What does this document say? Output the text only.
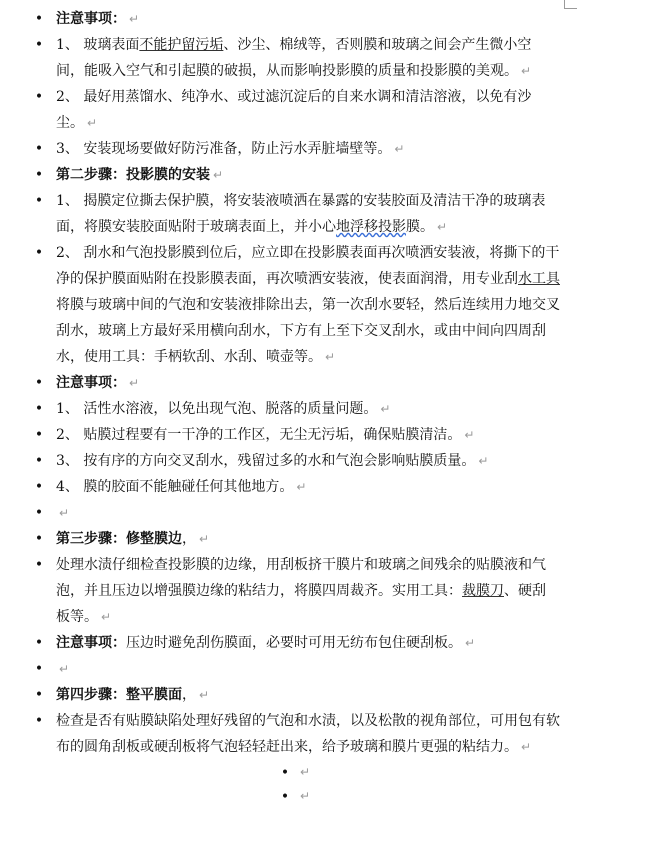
• 注意事项： ↵
• 1、 玻璃表面不能护留污垢、沙尘、棉绒等，否则膜和玻璃之间会产生微小空间，能吸入空气和引起膜的破损，从而影响投影膜的质量和投影膜的美观。 ↵
• 2、 最好用蒸馏水、纯净水、或过滤沉淀后的自来水调和清洁溶液，以免有沙尘。 ↵
• 3、 安装现场要做好防污准备，防止污水弄脏墙壁等。 ↵
• 第二步骤：投影膜的安装 ↵
• 1、 揭膜定位撕去保护膜，将安装液喷洒在暴露的安装胶面及清洁干净的玻璃表面，将膜安装胶面贴附于玻璃表面上，并小心地浮移投影膜。 ↵
• 2、 刮水和气泡投影膜到位后，应立即在投影膜表面再次喷洒安装液，将撕下的干净的保护膜面贴附在投影膜表面，再次喷洒安装液，使表面润滑，用专业刮水工具将膜与玻璃中间的气泡和安装液排除出去，第一次刮水要轻，然后连续用力地交叉刮水，玻璃上方最好采用横向刮水，下方有上至下交叉刮水，或由中间向四周刮水，使用工具：手柄软刮、水刮、喷壶等。 ↵
• 注意事项： ↵
• 1、 活性水溶液，以免出现气泡、脱落的质量问题。 ↵
• 2、 贴膜过程要有一干净的工作区，无尘无污垢，确保贴膜清洁。 ↵
• 3、 按有序的方向交叉刮水，残留过多的水和气泡会影响贴膜质量。 ↵
• 4、 膜的胶面不能触碰任何其他地方。 ↵
• ↵
• 第三步骤：修整膜边， ↵
• 处理水渍仔细检查投影膜的边缘，用刮板挤干膜片和玻璃之间残余的贴膜液和气泡，并且压边以增强膜边缘的粘结力，将膜四周裁齐。实用工具：裁膜刀、硬刮板等。 ↵
• 注意事项：压边时避免刮伤膜面，必要时可用无纺布包住硬刮板。 ↵
• ↵
• 第四步骤：整平膜面， ↵
• 检查是否有贴膜缺陷处理好残留的气泡和水渍，以及松散的视角部位，可用包有软布的圆角刮板或硬刮板将气泡轻轻赶出来，给予玻璃和膜片更强的粘结力。 ↵
• ↵
• ↵
